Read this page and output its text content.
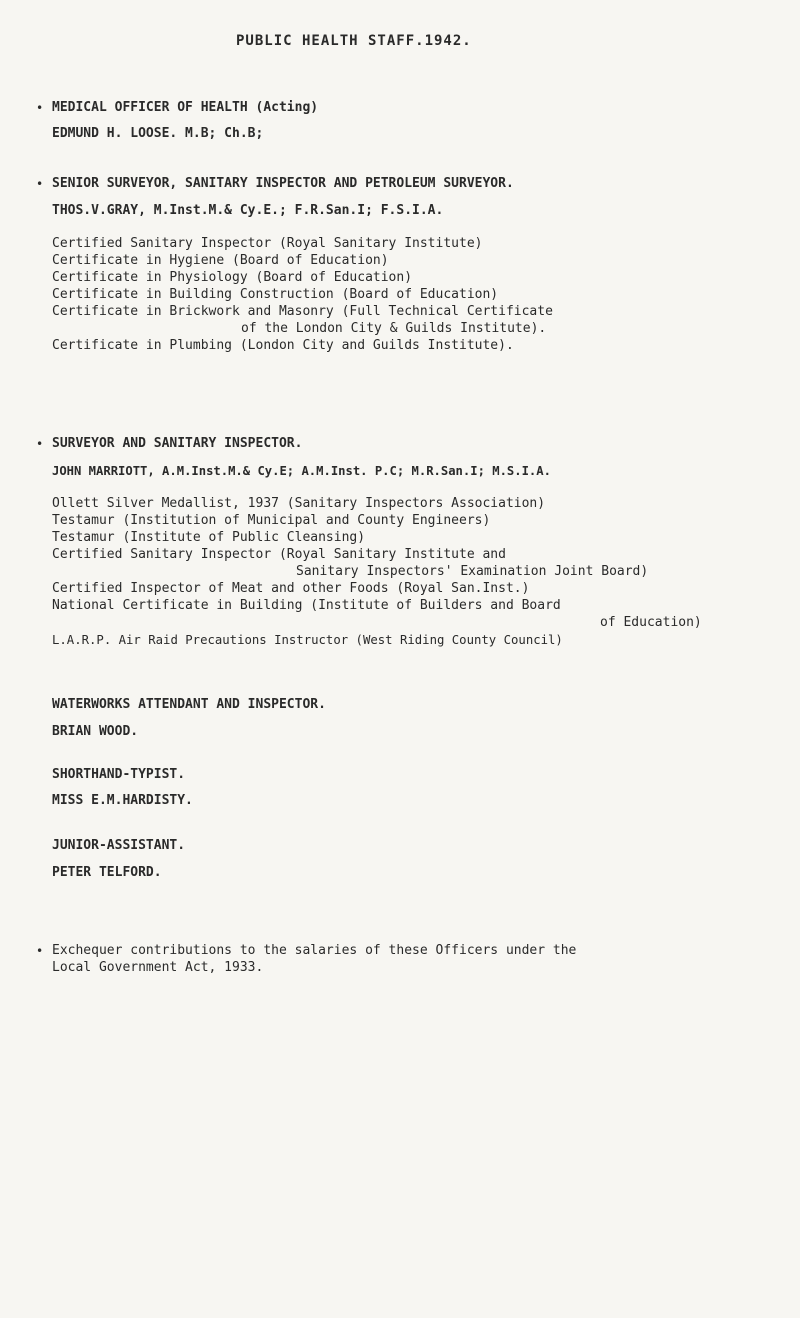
PUBLIC HEALTH STAFF.1942.
• MEDICAL OFFICER OF HEALTH (Acting)
EDMUND H. LOOSE. M.B; Ch.B;
• SENIOR SURVEYOR, SANITARY INSPECTOR AND PETROLEUM SURVEYOR.
THOS.V.GRAY, M.Inst.M.& Cy.E.; F.R.San.I; F.S.I.A.
Certified Sanitary Inspector (Royal Sanitary Institute)
Certificate in Hygiene (Board of Education)
Certificate in Physiology (Board of Education)
Certificate in Building Construction (Board of Education)
Certificate in Brickwork and Masonry (Full Technical Certificate
of the London City & Guilds Institute).
Certificate in Plumbing (London City and Guilds Institute).
• SURVEYOR AND SANITARY INSPECTOR.
JOHN MARRIOTT, A.M.Inst.M.& Cy.E; A.M.Inst. P.C; M.R.San.I; M.S.I.A.
Ollett Silver Medallist, 1937 (Sanitary Inspectors Association)
Testamur (Institution of Municipal and County Engineers)
Testamur (Institute of Public Cleansing)
Certified Sanitary Inspector (Royal Sanitary Institute and
Sanitary Inspectors' Examination Joint Board)
Certified Inspector of Meat and other Foods (Royal San.Inst.)
National Certificate in Building (Institute of Builders and Board
of Education)
L.A.R.P. Air Raid Precautions Instructor (West Riding County Council)
WATERWORKS ATTENDANT AND INSPECTOR.
BRIAN WOOD.
SHORTHAND-TYPIST.
MISS E.M.HARDISTY.
JUNIOR-ASSISTANT.
PETER TELFORD.
• Exchequer contributions to the salaries of these Officers under the
Local Government Act, 1933.
